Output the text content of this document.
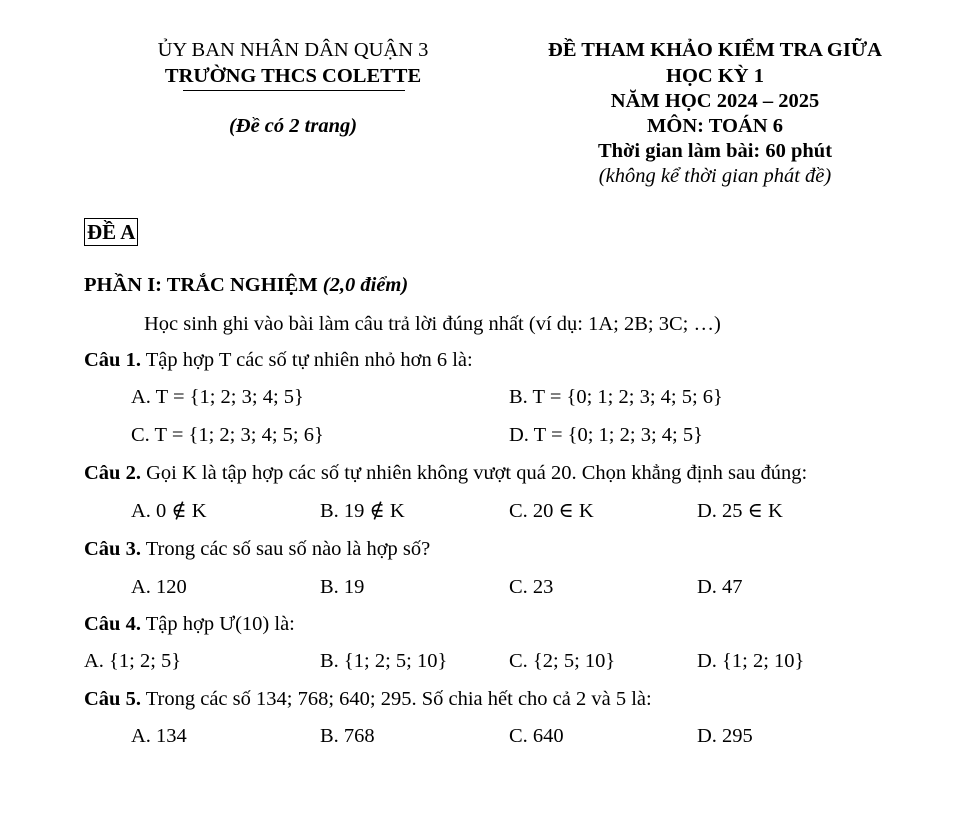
ỦY BAN NHÂN DÂN QUẬN 3
TRƯỜNG THCS COLETTE
(Đề có 2 trang)
ĐỀ THAM KHẢO KIỂM TRA GIỮA
HỌC KỲ 1
NĂM HỌC 2024 – 2025
MÔN: TOÁN 6
Thời gian làm bài: 60 phút
(không kể thời gian phát đề)
ĐỀ A
PHẦN I: TRẮC NGHIỆM (2,0 điểm)
Học sinh ghi vào bài làm câu trả lời đúng nhất (ví dụ: 1A; 2B; 3C; …)
Câu 1. Tập hợp T các số tự nhiên nhỏ hơn 6 là:
A. T = {1; 2; 3; 4; 5}	B. T = {0; 1; 2; 3; 4; 5; 6}
C. T = {1; 2; 3; 4; 5; 6}	D. T = {0; 1; 2; 3; 4; 5}
Câu 2. Gọi K là tập hợp các số tự nhiên không vượt quá 20. Chọn khẳng định sau đúng:
A. 0 ∉ K	B. 19 ∉ K	C. 20 ∈ K	D. 25 ∈ K
Câu 3. Trong các số sau số nào là hợp số?
A. 120	B. 19	C. 23	D. 47
Câu 4. Tập hợp Ư(10) là:
A. {1; 2; 5}	B. {1; 2; 5; 10}	C. {2; 5; 10}	D. {1; 2; 10}
Câu 5. Trong các số 134; 768; 640; 295. Số chia hết cho cả 2 và 5 là:
A. 134	B. 768	C. 640	D. 295
